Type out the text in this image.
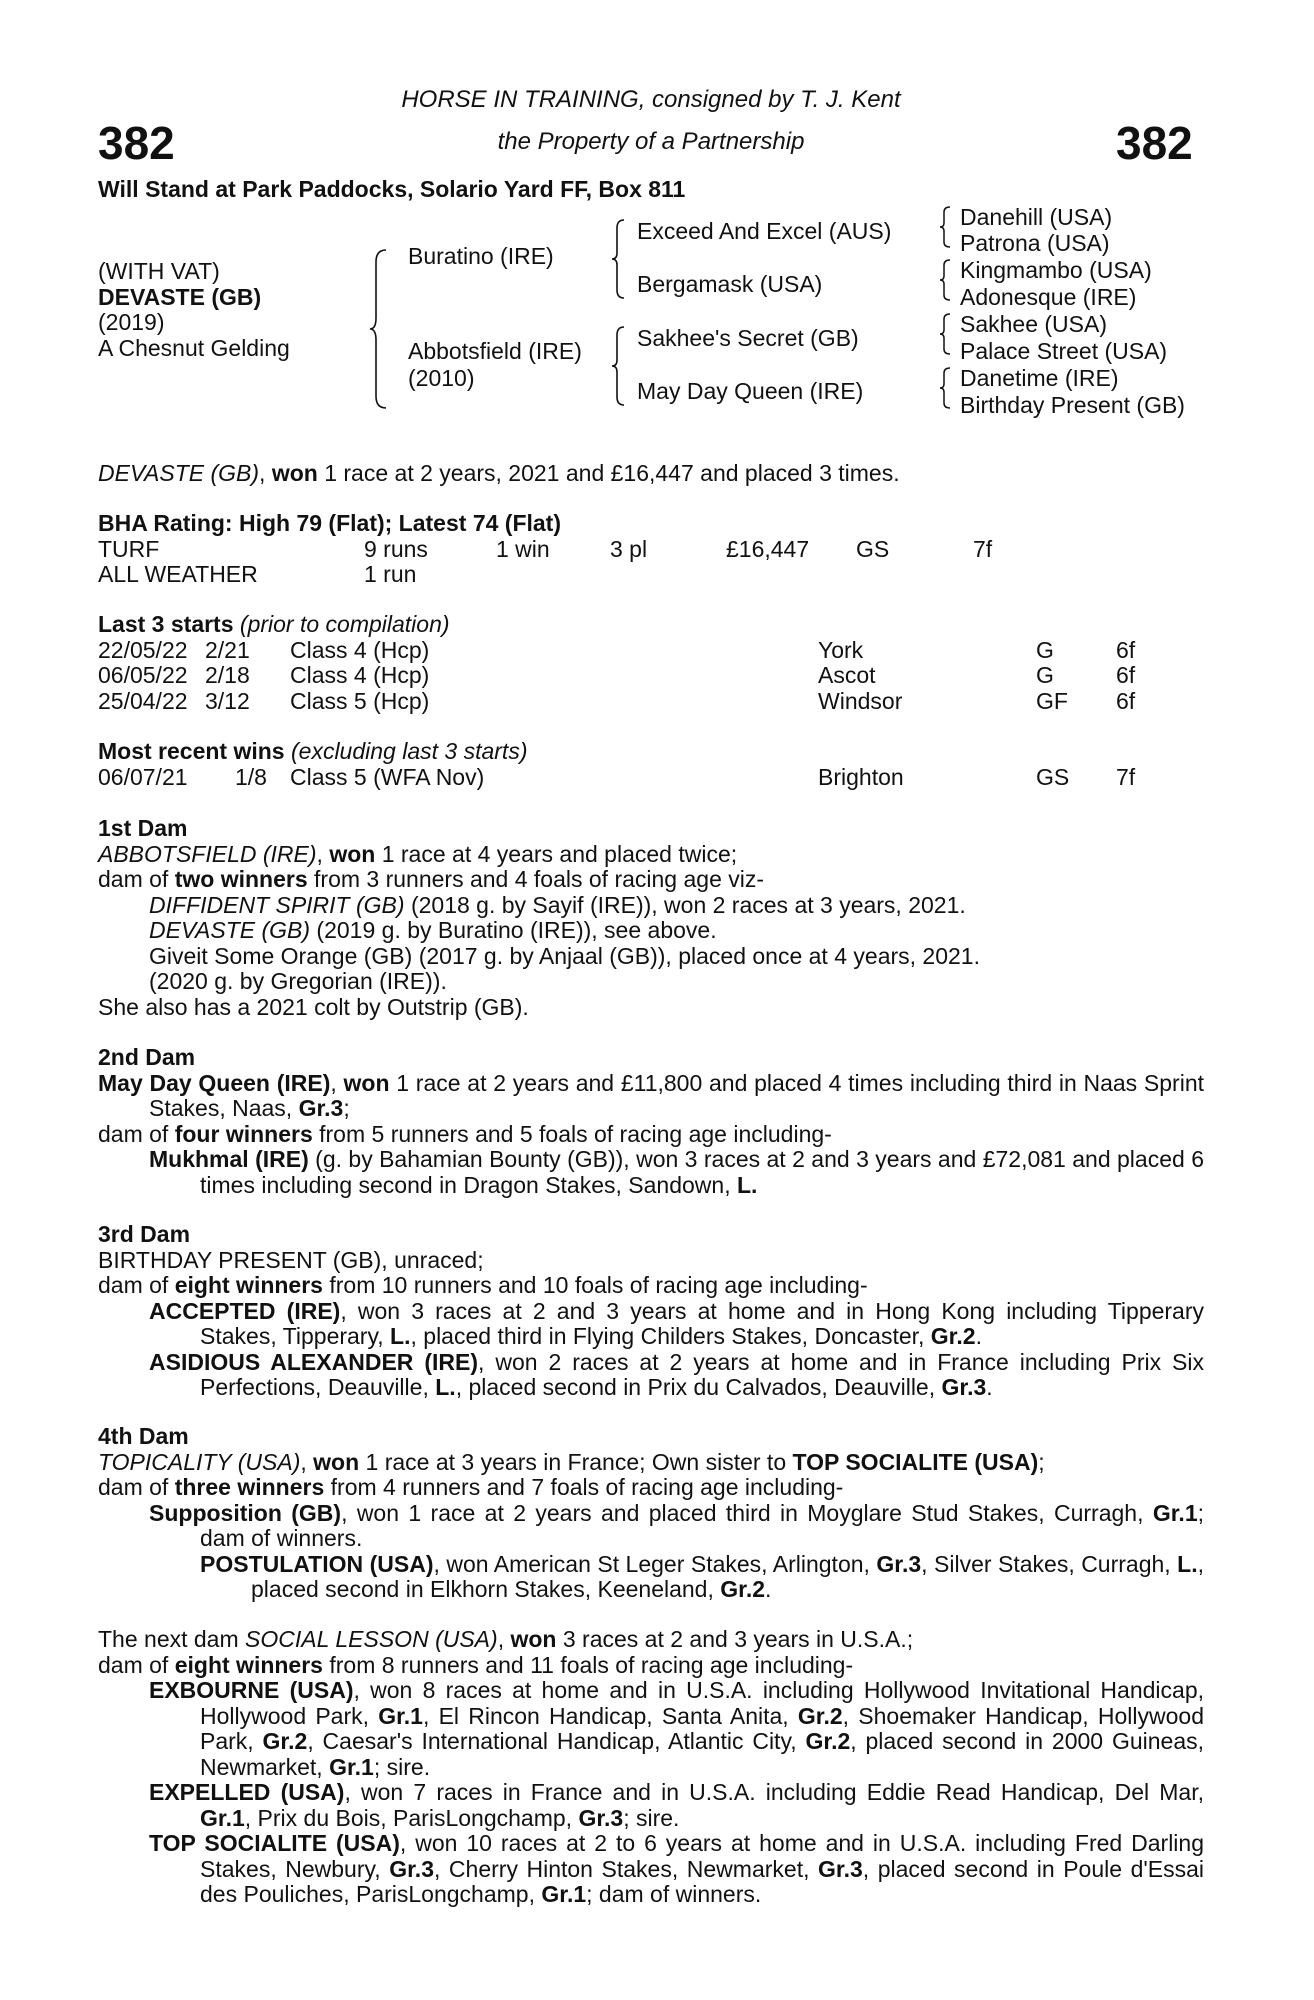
382	382
HORSE IN TRAINING, consigned by T. J. Kent
the Property of a Partnership
Will Stand at Park Paddocks, Solario Yard FF, Box 811
(WITH VAT)
DEVASTE (GB)
(2019)
A Chesnut Gelding
Buratino (IRE)
Abbotsfield (IRE)
(2010)
Exceed And Excel (AUS)
Bergamask (USA)
Sakhee's Secret (GB)
May Day Queen (IRE)
Danehill (USA)
Patrona (USA)
Kingmambo (USA)
Adonesque (IRE)
Sakhee (USA)
Palace Street (USA)
Danetime (IRE)
Birthday Present (GB)
DEVASTE (GB), won 1 race at 2 years, 2021 and £16,447 and placed 3 times.
BHA Rating: High 79 (Flat); Latest 74 (Flat)
TURF	9 runs	1 win	3 pl	£16,447 GS	7f
ALL WEATHER	1 run
Last 3 starts (prior to compilation)
22/05/22 2/21 Class 4 (Hcp)	York	G	6f
06/05/22 2/18 Class 4 (Hcp)	Ascot	G	6f
25/04/22 3/12 Class 5 (Hcp)	Windsor	GF 6f
Most recent wins (excluding last 3 starts)
06/07/21 1/8 Class 5 (WFA Nov)	Brighton	GS 7f
1st Dam
ABBOTSFIELD (IRE), won 1 race at 4 years and placed twice;
dam of two winners from 3 runners and 4 foals of racing age viz-
DIFFIDENT SPIRIT (GB) (2018 g. by Sayif (IRE)), won 2 races at 3 years, 2021.
DEVASTE (GB) (2019 g. by Buratino (IRE)), see above.
Giveit Some Orange (GB) (2017 g. by Anjaal (GB)), placed once at 4 years, 2021.
(2020 g. by Gregorian (IRE)).
She also has a 2021 colt by Outstrip (GB).
2nd Dam
May Day Queen (IRE), won 1 race at 2 years and £11,800 and placed 4 times including third in Naas Sprint Stakes, Naas, Gr.3;
dam of four winners from 5 runners and 5 foals of racing age including-
Mukhmal (IRE) (g. by Bahamian Bounty (GB)), won 3 races at 2 and 3 years and £72,081 and placed 6 times including second in Dragon Stakes, Sandown, L.
3rd Dam
BIRTHDAY PRESENT (GB), unraced;
dam of eight winners from 10 runners and 10 foals of racing age including-
ACCEPTED (IRE), won 3 races at 2 and 3 years at home and in Hong Kong including Tipperary Stakes, Tipperary, L., placed third in Flying Childers Stakes, Doncaster, Gr.2.
ASIDIOUS ALEXANDER (IRE), won 2 races at 2 years at home and in France including Prix Six Perfections, Deauville, L., placed second in Prix du Calvados, Deauville, Gr.3.
4th Dam
TOPICALITY (USA), won 1 race at 3 years in France; Own sister to TOP SOCIALITE (USA);
dam of three winners from 4 runners and 7 foals of racing age including-
Supposition (GB), won 1 race at 2 years and placed third in Moyglare Stud Stakes, Curragh, Gr.1; dam of winners.
POSTULATION (USA), won American St Leger Stakes, Arlington, Gr.3, Silver Stakes, Curragh, L., placed second in Elkhorn Stakes, Keeneland, Gr.2.
The next dam SOCIAL LESSON (USA), won 3 races at 2 and 3 years in U.S.A.;
dam of eight winners from 8 runners and 11 foals of racing age including-
EXBOURNE (USA), won 8 races at home and in U.S.A. including Hollywood Invitational Handicap, Hollywood Park, Gr.1, El Rincon Handicap, Santa Anita, Gr.2, Shoemaker Handicap, Hollywood Park, Gr.2, Caesar's International Handicap, Atlantic City, Gr.2, placed second in 2000 Guineas, Newmarket, Gr.1; sire.
EXPELLED (USA), won 7 races in France and in U.S.A. including Eddie Read Handicap, Del Mar, Gr.1, Prix du Bois, ParisLongchamp, Gr.3; sire.
TOP SOCIALITE (USA), won 10 races at 2 to 6 years at home and in U.S.A. including Fred Darling Stakes, Newbury, Gr.3, Cherry Hinton Stakes, Newmarket, Gr.3, placed second in Poule d'Essai des Pouliches, ParisLongchamp, Gr.1; dam of winners.
